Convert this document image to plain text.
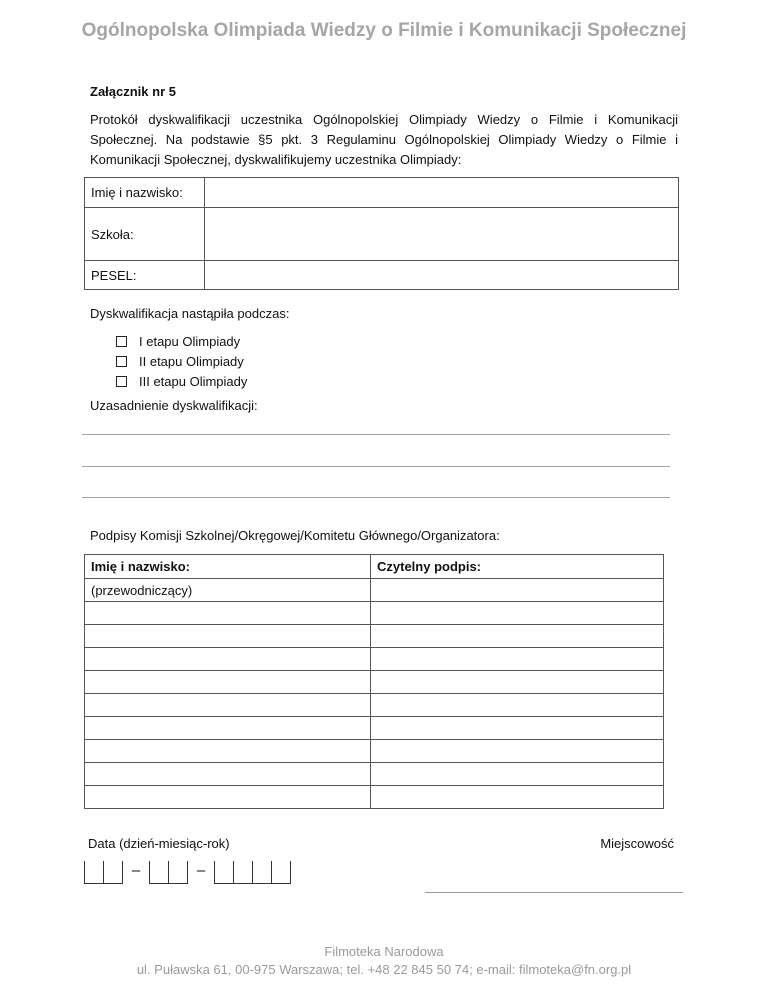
Ogólnopolska Olimpiada Wiedzy o Filmie i Komunikacji Społecznej
Załącznik nr 5
Protokół dyskwalifikacji uczestnika Ogólnopolskiej Olimpiady Wiedzy o Filmie i Komunikacji Społecznej. Na podstawie §5 pkt. 3 Regulaminu Ogólnopolskiej Olimpiady Wiedzy o Filmie i Komunikacji Społecznej, dyskwalifikujemy uczestnika Olimpiady:
Imię i nazwisko:	
Szkoła:	
PESEL:	
Dyskwalifikacja nastąpiła podczas:
I etapu Olimpiady
II etapu Olimpiady
III etapu Olimpiady
Uzasadnienie dyskwalifikacji:
Podpisy Komisji Szkolnej/Okręgowej/Komitetu Głównego/Organizatora:
Imię i nazwisko:	Czytelny podpis:
(przewodniczący)	

Data (dzień-miesiąc-rok)	Miejscowość
–	–
Filmoteka Narodowa
ul. Puławska 61, 00-975 Warszawa; tel. +48 22 845 50 74; e-mail: filmoteka@fn.org.pl
